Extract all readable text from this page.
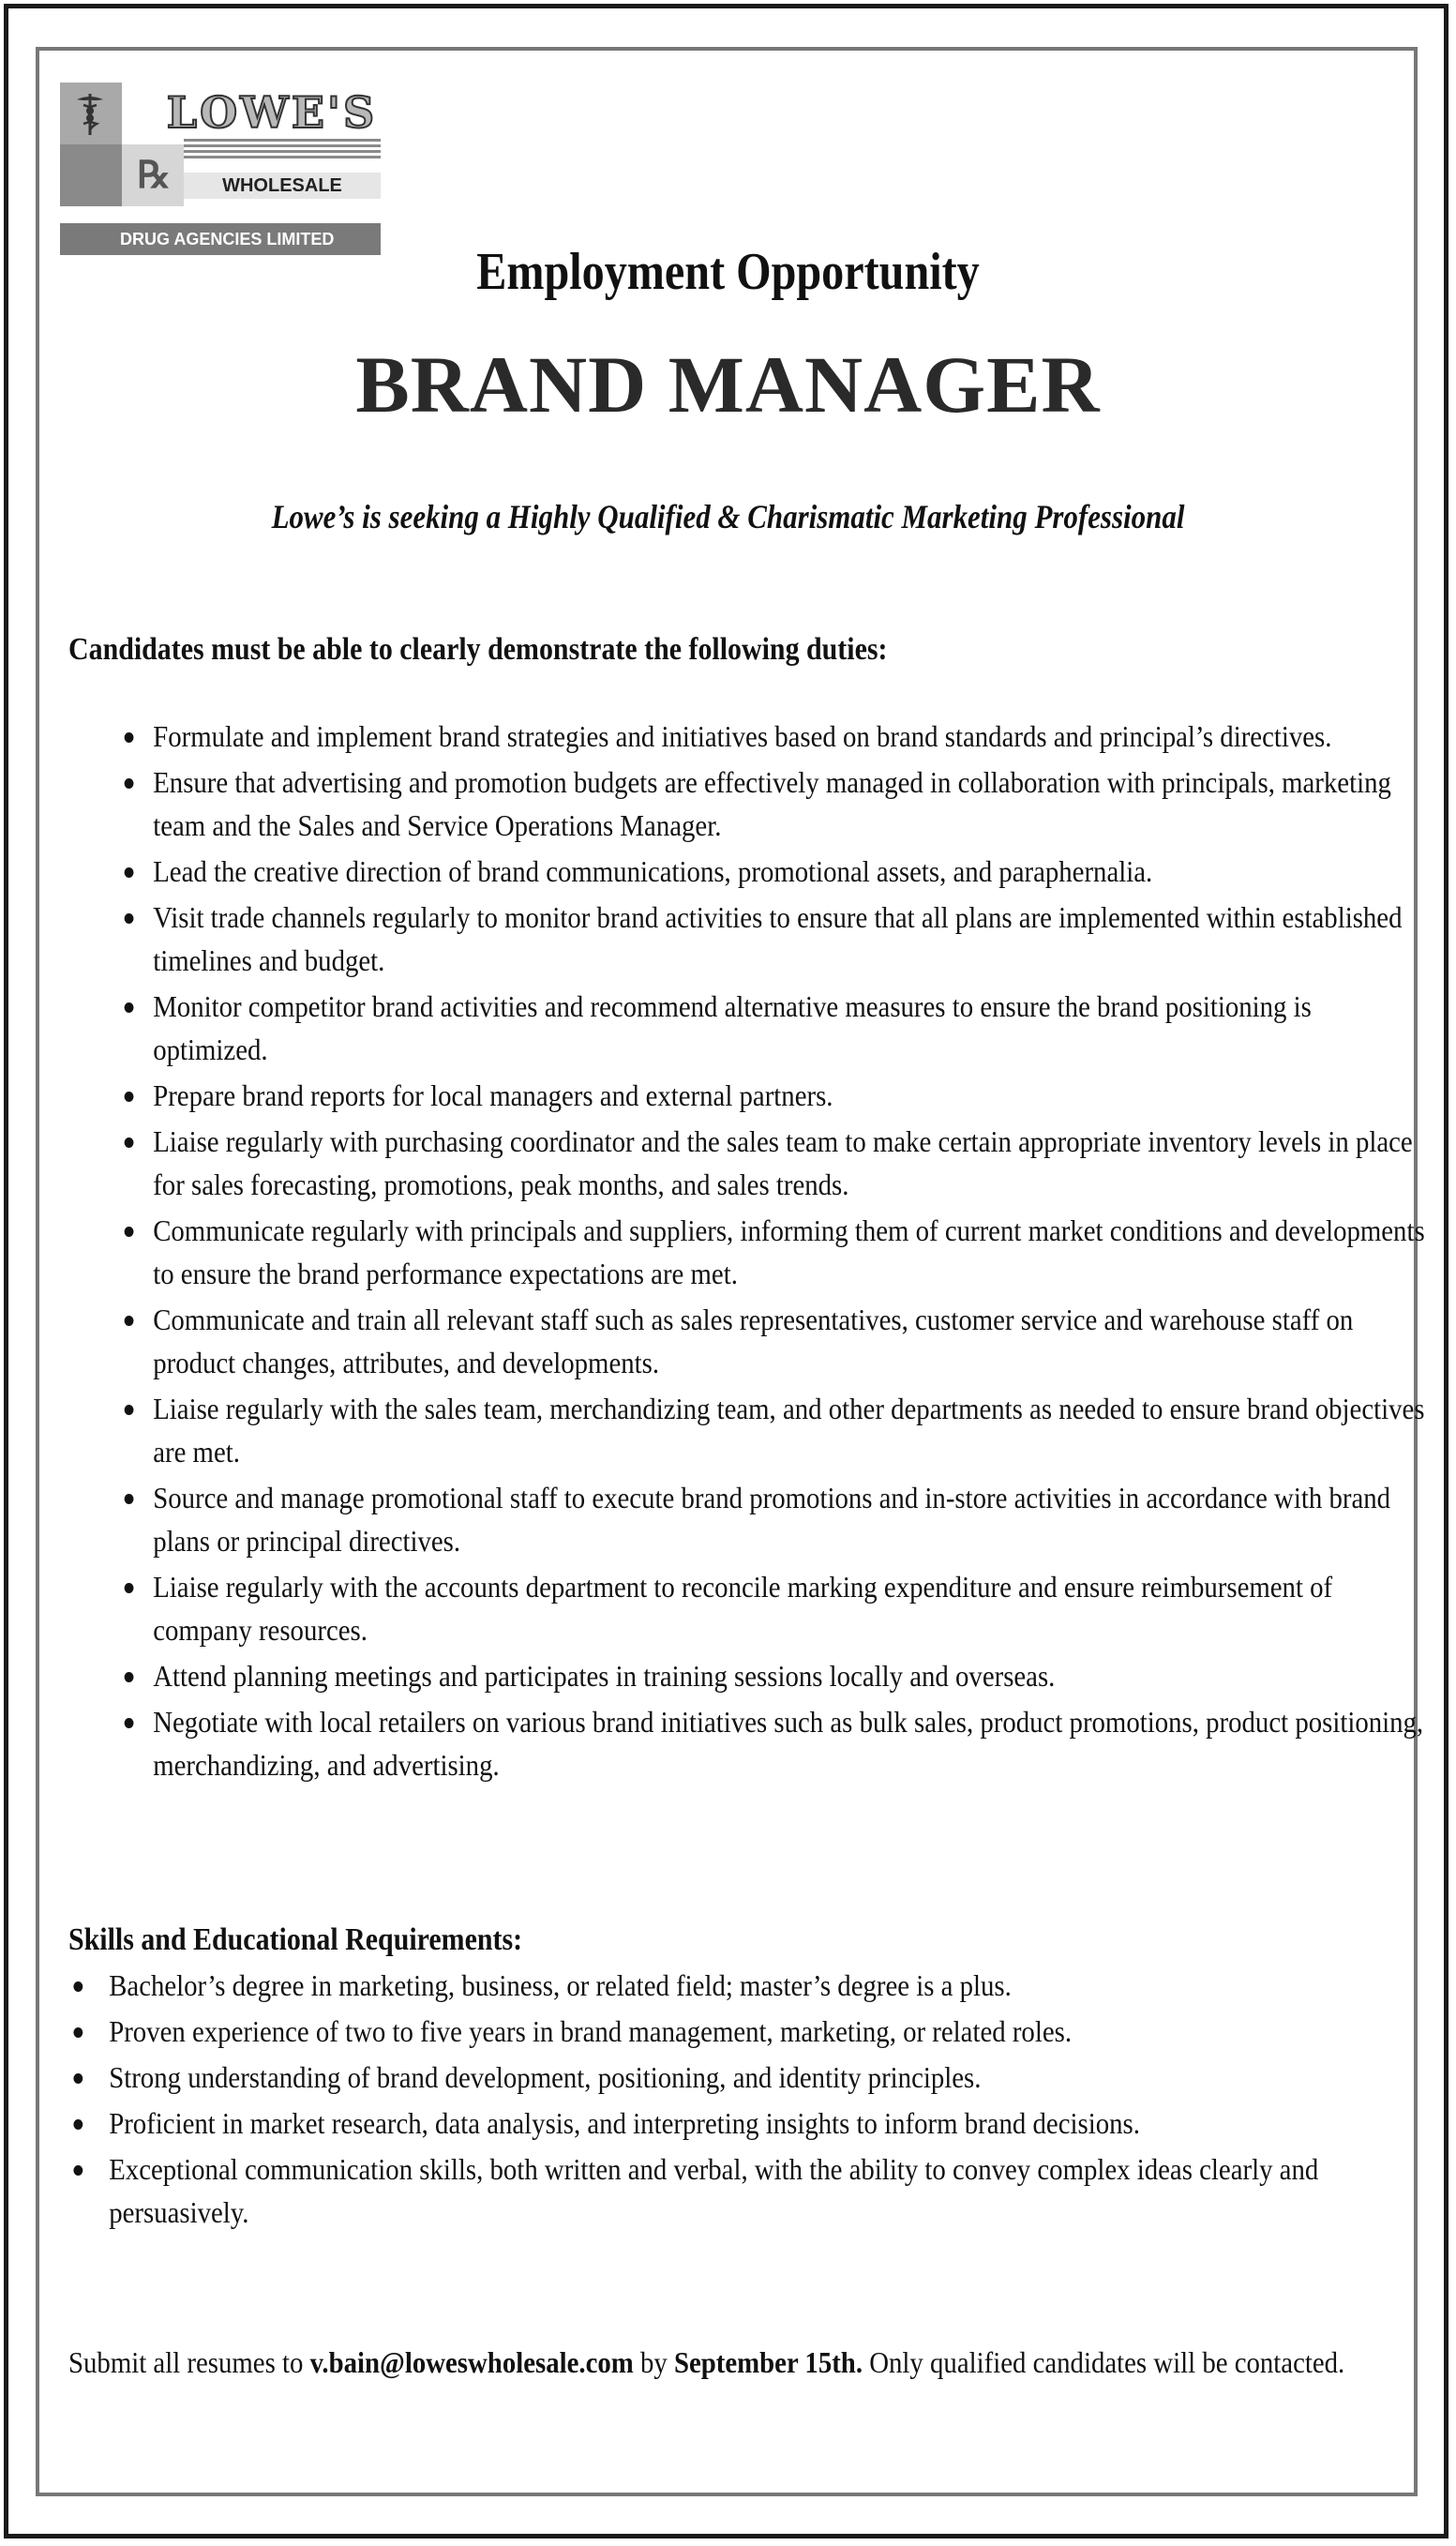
℞
LOWE'S
WHOLESALE
DRUG AGENCIES LIMITED
Employment Opportunity
BRAND MANAGER
Lowe’s is seeking a Highly Qualified & Charismatic Marketing Professional
Candidates must be able to clearly demonstrate the following duties:
Formulate and implement brand strategies and initiatives based on brand standards and principal’s directives.
Ensure that advertising and promotion budgets are effectively managed in collaboration with principals, marketing team and the Sales and Service Operations Manager.
Lead the creative direction of brand communications, promotional assets, and paraphernalia.
Visit trade channels regularly to monitor brand activities to ensure that all plans are implemented within established timelines and budget.
Monitor competitor brand activities and recommend alternative measures to ensure the brand positioning is optimized.
Prepare brand reports for local managers and external partners.
Liaise regularly with purchasing coordinator and the sales team to make certain appropriate inventory levels in place for sales forecasting, promotions, peak months, and sales trends.
Communicate regularly with principals and suppliers, informing them of current market conditions and developments to ensure the brand performance expectations are met.
Communicate and train all relevant staff such as sales representatives, customer service and warehouse staff on product changes, attributes, and developments.
Liaise regularly with the sales team, merchandizing team, and other departments as needed to ensure brand objectives are met.
Source and manage promotional staff to execute brand promotions and in-store activities in accordance with brand plans or principal directives.
Liaise regularly with the accounts department to reconcile marking expenditure and ensure reimbursement of company resources.
Attend planning meetings and participates in training sessions locally and overseas.
Negotiate with local retailers on various brand initiatives such as bulk sales, product promotions, product positioning, merchandizing, and advertising.
Skills and Educational Requirements:
Bachelor’s degree in marketing, business, or related field; master’s degree is a plus.
Proven experience of two to five years in brand management, marketing, or related roles.
Strong understanding of brand development, positioning, and identity principles.
Proficient in market research, data analysis, and interpreting insights to inform brand decisions.
Exceptional communication skills, both written and verbal, with the ability to convey complex ideas clearly and persuasively.
Submit all resumes to v.bain@loweswholesale.com by September 15th. Only qualified candidates will be contacted.
